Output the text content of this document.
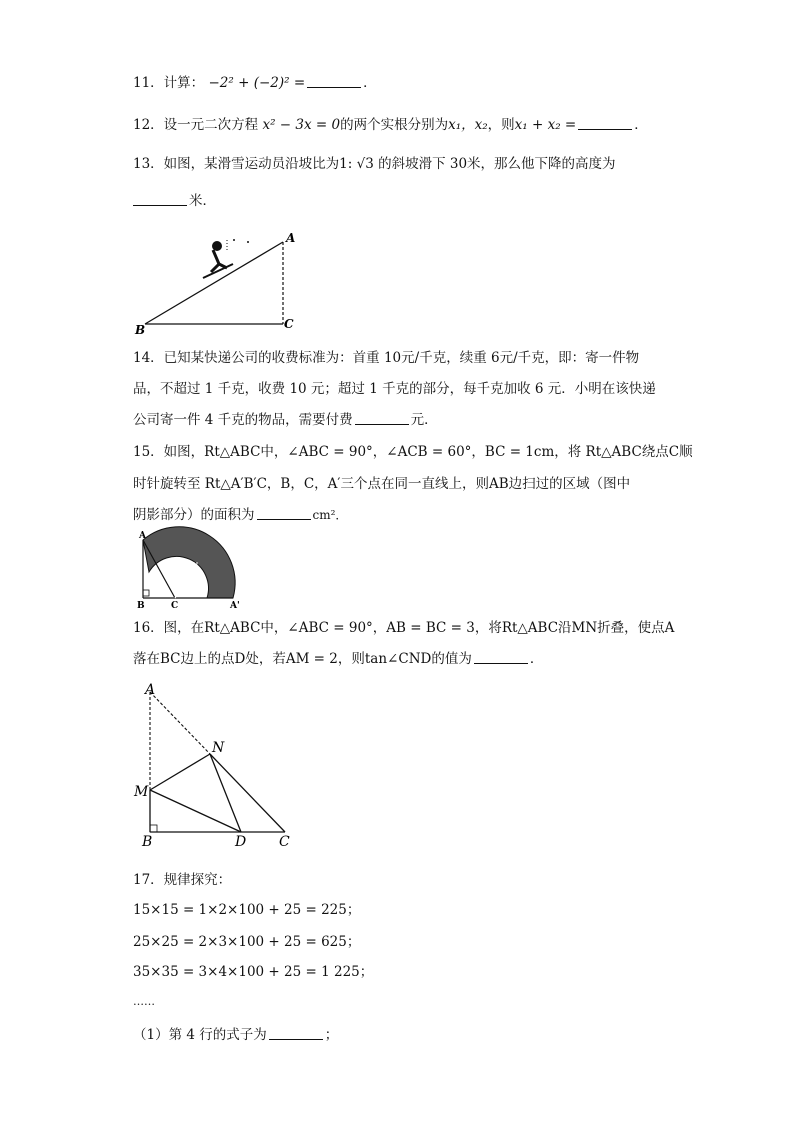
11．计算： −2² + (−2)² =	．
12．设一元二次方程 x² − 3x = 0的两个实根分别为x₁，x₂，则x₁ + x₂ =	．
13．如图，某滑雪运动员沿坡比为1: √3 的斜坡滑下 30米，那么他下降的高度为
米．
A
B	C
14．已知某快递公司的收费标准为：首重 10元/千克，续重 6元/千克，即：寄一件物
品，不超过 1 千克，收费 10 元；超过 1 千克的部分，每千克加收 6 元．小明在该快递
公司寄一件 4 千克的物品，需要付费	元．
15．如图，Rt△ABC中，∠ABC = 90°，∠ACB = 60°，BC = 1cm，将 Rt△ABC绕点C顺
时针旋转至 Rt△A′B′C，B，C，A′三个点在同一直线上，则AB边扫过的区域（图中
阴影部分）的面积为	cm²．
A
B	C	A'
B'
16．图，在Rt△ABC中，∠ABC = 90°，AB = BC = 3，将Rt△ABC沿MN折叠，使点A
落在BC边上的点D处，若AM = 2，则tan∠CND的值为	．
A
N
M
B	D C
17．规律探究：
15×15 = 1×2×100 + 25 = 225；
25×25 = 2×3×100 + 25 = 625；
35×35 = 3×4×100 + 25 = 1 225；
……
（1）第 4 行的式子为	；
